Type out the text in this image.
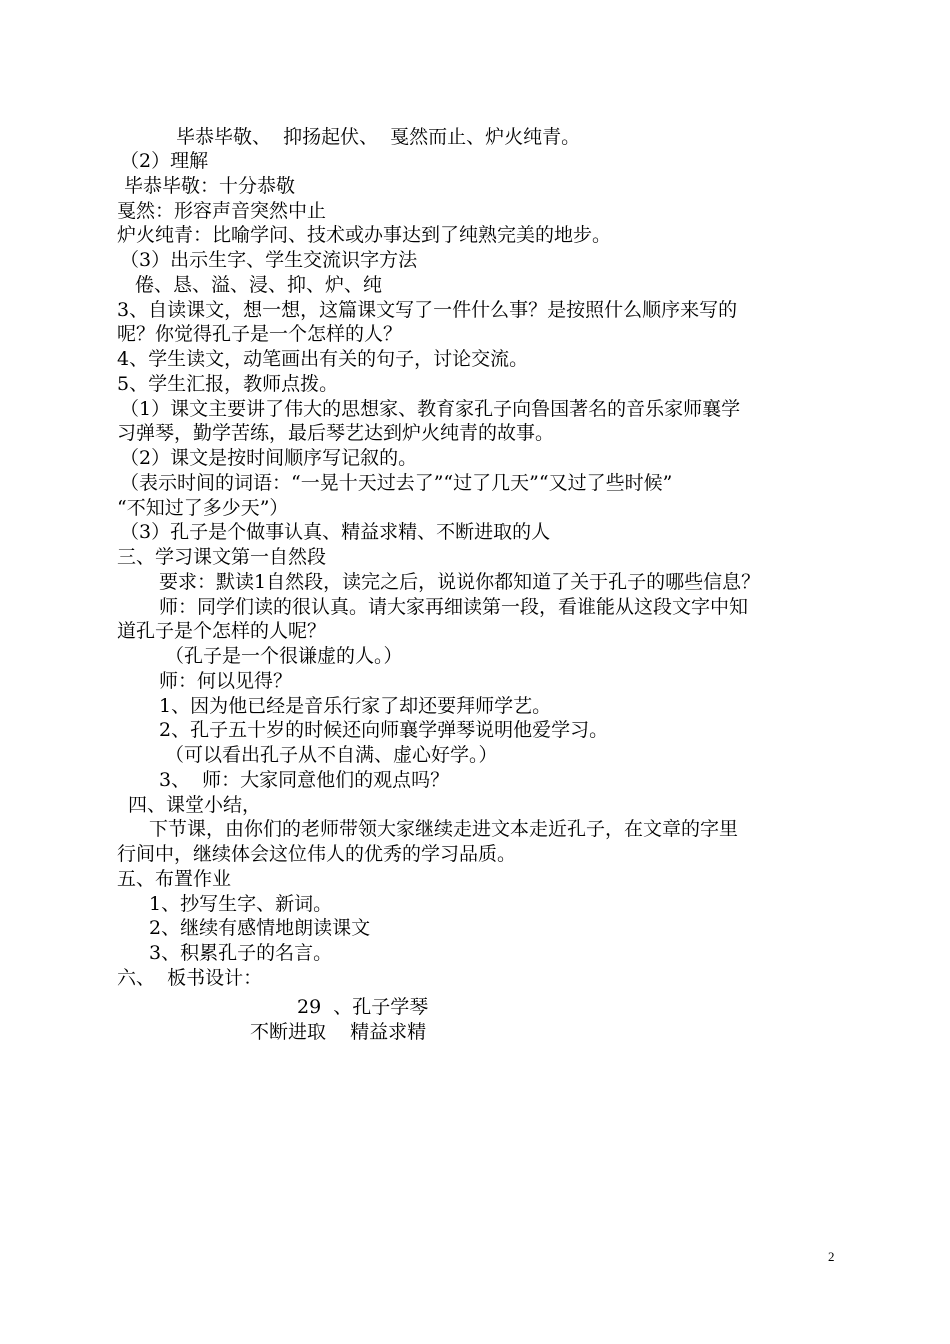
毕恭毕敬、  抑扬起伏、  戛然而止、炉火纯青。
（2）理解
毕恭毕敬：十分恭敬
戛然：形容声音突然中止
炉火纯青：比喻学问、技术或办事达到了纯熟完美的地步。
（3）出示生字、学生交流识字方法
倦、恳、溢、浸、抑、炉、纯
3、自读课文，想一想，这篇课文写了一件什么事？是按照什么顺序来写的
呢？你觉得孔子是一个怎样的人？
4、学生读文，动笔画出有关的句子，讨论交流。
5、学生汇报，教师点拨。
（1）课文主要讲了伟大的思想家、教育家孔子向鲁国著名的音乐家师襄学
习弹琴，勤学苦练，最后琴艺达到炉火纯青的故事。
（2）课文是按时间顺序写记叙的。
（表示时间的词语：“一晃十天过去了”“过了几天”“又过了些时候”
“不知过了多少天”）
（3）孔子是个做事认真、精益求精、不断进取的人
三、学习课文第一自然段
要求：默读1自然段，读完之后，说说你都知道了关于孔子的哪些信息？
师：同学们读的很认真。请大家再细读第一段，看谁能从这段文字中知
道孔子是个怎样的人呢？
（孔子是一个很谦虚的人。）
师：何以见得？
1、因为他已经是音乐行家了却还要拜师学艺。
2、孔子五十岁的时候还向师襄学弹琴说明他爱学习。
（可以看出孔子从不自满、虚心好学。）
3、  师：大家同意他们的观点吗？
四、课堂小结，
下节课，由你们的老师带领大家继续走进文本走近孔子，在文章的字里
行间中，继续体会这位伟人的优秀的学习品质。
五、布置作业
1、抄写生字、新词。
2、继续有感情地朗读课文
3、积累孔子的名言。
六、  板书设计：
29  、孔子学琴
不断进取    精益求精
2
